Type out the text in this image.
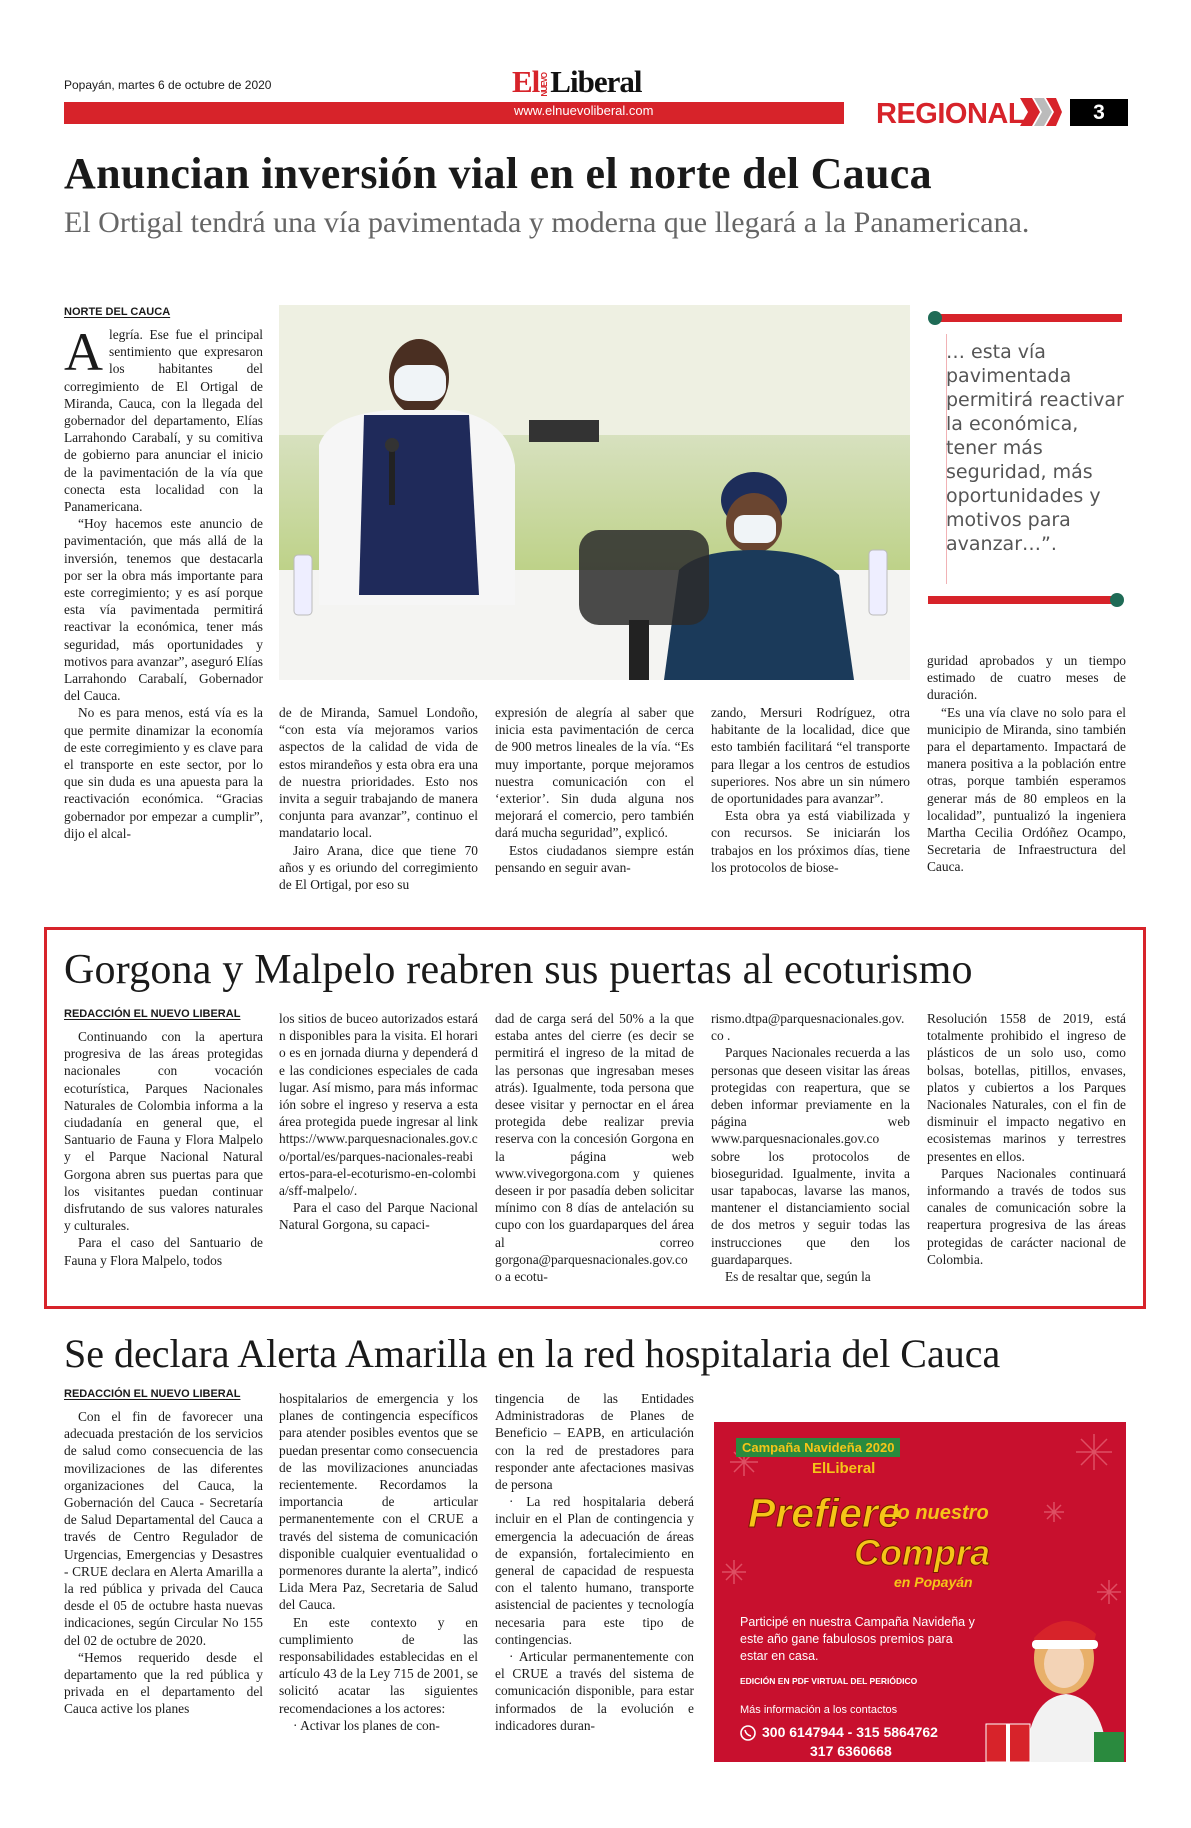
Popayán, martes 6 de octubre de 2020	ElNUEVOLiberal
www.elnuevoliberal.com	REGIONAL	3
Anuncian inversión vial en el norte del Cauca
El Ortigal tendrá una vía pavimentada y moderna que llegará a la Panamericana.
NORTE DEL CAUCA

Alegría. Ese fue el principal sentimiento que expresaron los habitantes del corregimiento de El Ortigal de Miranda, Cauca, con la llegada del gobernador del departamento, Elías Larrahondo Carabalí, y su comitiva de gobierno para anunciar el inicio de la pavimentación de la vía que conecta esta localidad con la Panamericana.

“Hoy hacemos este anuncio de pavimentación, que más allá de la inversión, tenemos que destacarla por ser la obra más importante para este corregimiento; y es así porque esta vía pavimentada permitirá reactivar la económica, tener más seguridad, más oportunidades y motivos para avanzar”, aseguró Elías Larrahondo Carabalí, Gobernador del Cauca.

No es para menos, está vía es la que permite dinamizar la economía de este corregimiento y es clave para el transporte en este sector, por lo que sin duda es una apuesta para la reactivación económica. “Gracias gobernador por empezar a cumplir”, dijo el alcal-

de de Miranda, Samuel Londoño, “con esta vía mejoramos varios aspectos de la calidad de vida de estos mirandeños y esta obra era una de nuestra prioridades. Esto nos invita a seguir trabajando de manera conjunta para avanzar”, continuo el mandatario local.

Jairo Arana, dice que tiene 70 años y es oriundo del corregimiento de El Ortigal, por eso su

expresión de alegría al saber que inicia esta pavimentación de cerca de 900 metros lineales de la vía. “Es muy importante, porque mejoramos nuestra comunicación con el ‘exterior’. Sin duda alguna nos mejorará el comercio, pero también dará mucha seguridad”, explicó.

Estos ciudadanos siempre están pensando en seguir avan-

zando, Mersuri Rodríguez, otra habitante de la localidad, dice que esto también facilitará “el transporte para llegar a los centros de estudios superiores. Nos abre un sin número de oportunidades para avanzar”.

Esta obra ya está viabilizada y con recursos. Se iniciarán los trabajos en los próximos días, tiene los protocolos de biose-

guridad aprobados y un tiempo estimado de cuatro meses de duración.

“Es una vía clave no solo para el municipio de Miranda, sino también para el departamento. Impactará de manera positiva a la población entre otras, porque también esperamos generar más de 80 empleos en la localidad”, puntualizó la ingeniera Martha Cecilia Ordóñez Ocampo, Secretaria de Infraestructura del Cauca.

… esta vía pavimentada permitirá reactivar la económica, tener más seguridad, más oportunidades y motivos para avanzar…”.
Gorgona y Malpelo reabren sus puertas al ecoturismo
REDACCIÓN EL NUEVO LIBERAL

Continuando con la apertura progresiva de las áreas protegidas nacionales con vocación ecoturística, Parques Nacionales Naturales de Colombia informa a la ciudadanía en general que, el Santuario de Fauna y Flora Malpelo y el Parque Nacional Natural Gorgona abren sus puertas para que los visitantes puedan continuar disfrutando de sus valores naturales y culturales.

Para el caso del Santuario de Fauna y Flora Malpelo, todos

los sitios de buceo autorizados estarán disponibles para la visita. El horario es en jornada diurna y dependerá de las condiciones especiales de cada lugar. Así mismo, para más información sobre el ingreso y reserva a esta área protegida puede ingresar al link https://www.parquesnacionales.gov.co/portal/es/parques-nacionales-reabiertos-para-el-ecoturismo-en-colombia/sff-malpelo/.

Para el caso del Parque Nacional Natural Gorgona, su capaci-

dad de carga será del 50% a la que estaba antes del cierre (es decir se permitirá el ingreso de la mitad de las personas que ingresaban meses atrás). Igualmente, toda persona que desee visitar y pernoctar en el área protegida debe realizar previa reserva con la concesión Gorgona en la página web www.vivegorgona.com y quienes deseen ir por pasadía deben solicitar mínimo con 8 días de antelación su cupo con los guardaparques del área al correo gorgona@parquesnacionales.gov.co o a ecotu-

rismo.dtpa@parquesnacionales.gov.co .

Parques Nacionales recuerda a las personas que deseen visitar las áreas protegidas con reapertura, que se deben informar previamente en la página web www.parquesnacionales.gov.co sobre los protocolos de bioseguridad. Igualmente, invita a usar tapabocas, lavarse las manos, mantener el distanciamiento social de dos metros y seguir todas las instrucciones que den los guardaparques.

Es de resaltar que, según la

Resolución 1558 de 2019, está totalmente prohibido el ingreso de plásticos de un solo uso, como bolsas, botellas, pitillos, envases, platos y cubiertos a los Parques Nacionales Naturales, con el fin de disminuir el impacto negativo en ecosistemas marinos y terrestres presentes en ellos.

Parques Nacionales continuará informando a través de todos sus canales de comunicación sobre la reapertura progresiva de las áreas protegidas de carácter nacional de Colombia.

Se declara Alerta Amarilla en la red hospitalaria del Cauca
REDACCIÓN EL NUEVO LIBERAL

Con el fin de favorecer una adecuada prestación de los servicios de salud como consecuencia de las movilizaciones de las diferentes organizaciones del Cauca, la Gobernación del Cauca - Secretaría de Salud Departamental del Cauca a través de Centro Regulador de Urgencias, Emergencias y Desastres - CRUE declara en Alerta Amarilla a la red pública y privada del Cauca desde el 05 de octubre hasta nuevas indicaciones, según Circular No 155 del 02 de octubre de 2020.

“Hemos requerido desde el departamento que la red pública y privada en el departamento del Cauca active los planes

hospitalarios de emergencia y los planes de contingencia específicos para atender posibles eventos que se puedan presentar como consecuencia de las movilizaciones anunciadas recientemente. Recordamos la importancia de articular permanentemente con el CRUE a través del sistema de comunicación disponible cualquier eventualidad o pormenores durante la alerta”, indicó Lida Mera Paz, Secretaria de Salud del Cauca.

En este contexto y en cumplimiento de las responsabilidades establecidas en el artículo 43 de la Ley 715 de 2001, se solicitó acatar las siguientes recomendaciones a los actores:

· Activar los planes de con-

tingencia de las Entidades Administradoras de Planes de Beneficio – EAPB, en articulación con la red de prestadores para responder ante afectaciones masivas de persona

· La red hospitalaria deberá incluir en el Plan de contingencia y emergencia la adecuación de áreas de expansión, fortalecimiento en general de capacidad de respuesta con el talento humano, transporte asistencial de pacientes y tecnología necesaria para este tipo de contingencias.

· Articular permanentemente con el CRUE a través del sistema de comunicación disponible, para estar informados de la evolución e indicadores duran-

Campaña Navideña 2020
ElLiberal
Prefiere
lo nuestro
Compra
en Popayán
Participé en nuestra Campaña Navideña y este año gane fabulosos premios para estar en casa.
EDICIÓN EN PDF VIRTUAL DEL PERIÓDICO
Más información a los contactos
300 6147944 - 315 5864762
317 6360668
